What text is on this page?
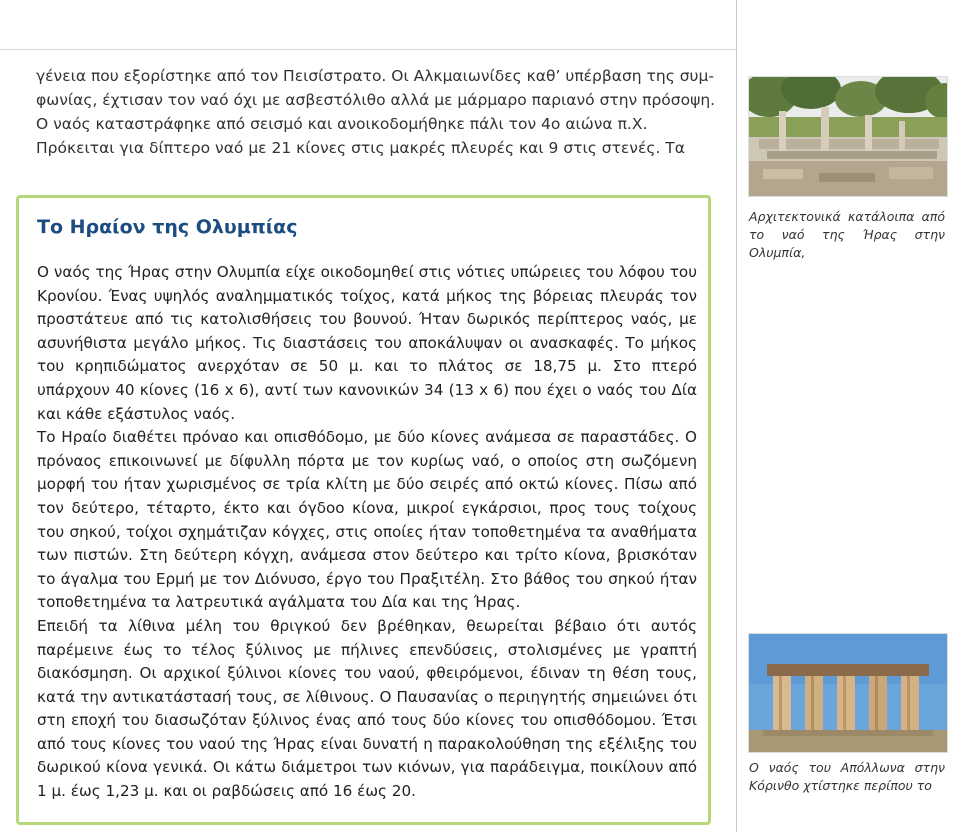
γένεια που εξορίστηκε από τον Πεισίστρατο. Οι Αλκμαιωνίδες καθ’ υπέρβαση της συμ-

φωνίας, έχτισαν τον ναό όχι με ασβεστόλιθο αλλά με μάρμαρο παριανό στην πρόσοψη.

Ο ναός καταστράφηκε από σεισμό και ανοικοδομήθηκε πάλι τον 4ο αιώνα π.Χ.

Πρόκειται για δίπτερο ναό με 21 κίονες στις μακρές πλευρές και 9 στις στενές. Τα

Το Ηραίον της Ολυμπίας

Ο ναός της Ήρας στην Ολυμπία είχε οικοδομηθεί στις νότιες υπώρειες του λόφου του Κρονίου. Ένας υψηλός αναλημματικός τοίχος, κατά μήκος της βόρειας πλευράς τον προστάτευε από τις κατολισθήσεις του βουνού. Ήταν δωρικός περίπτερος ναός, με ασυνήθιστα μεγάλο μήκος. Τις διαστάσεις του αποκάλυψαν οι ανασκαφές. Το μήκος του κρηπιδώματος ανερχόταν σε 50 μ. και το πλάτος σε 18,75 μ. Στο πτερό υπάρχουν 40 κίονες (16 x 6), αντί των κανονικών 34 (13 x 6) που έχει ο ναός του Δία και κάθε εξάστυλος ναός.

Το Ηραίο διαθέτει πρόναο και οπισθόδομο, με δύο κίονες ανάμεσα σε παραστάδες. Ο πρόναος επικοινωνεί με δίφυλλη πόρτα με τον κυρίως ναό, ο οποίος στη σωζόμενη μορφή του ήταν χωρισμένος σε τρία κλίτη με δύο σειρές από οκτώ κίονες. Πίσω από τον δεύτερο, τέταρτο, έκτο και όγδοο κίονα, μικροί εγκάρσιοι, προς τους τοίχους του σηκού, τοίχοι σχημάτιζαν κόγχες, στις οποίες ήταν τοποθετημένα τα αναθήματα των πιστών. Στη δεύτερη κόγχη, ανάμεσα στον δεύτερο και τρίτο κίονα, βρισκόταν το άγαλμα του Ερμή με τον Διόνυσο, έργο του Πραξιτέλη. Στο βάθος του σηκού ήταν τοποθετημένα τα λατρευτικά αγάλματα του Δία και της Ήρας.

Επειδή τα λίθινα μέλη του θριγκού δεν βρέθηκαν, θεωρείται βέβαιο ότι αυτός παρέμεινε έως το τέλος ξύλινος με πήλινες επενδύσεις, στολισμένες με γραπτή διακόσμηση. Οι αρχικοί ξύλινοι κίονες του ναού, φθειρόμενοι, έδιναν τη θέση τους, κατά την αντικατάστασή τους, σε λίθινους. Ο Παυσανίας ο περιηγητής σημειώνει ότι στη εποχή του διασωζόταν ξύλινος ένας από τους δύο κίονες του οπισθόδομου. Έτσι από τους κίονες του ναού της Ήρας είναι δυνατή η παρακολούθηση της εξέλιξης του δωρικού κίονα γενικά. Οι κάτω διάμετροι των κιόνων, για παράδειγμα, ποικίλουν από 1 μ. έως 1,23 μ. και οι ραβδώσεις από 16 έως 20.

Αρχιτεκτονικά κατάλοιπα από το ναό της Ήρας στην Ολυμπία,
Ο ναός του Απόλλωνα στην Κόρινθο χτίστηκε περίπου το
